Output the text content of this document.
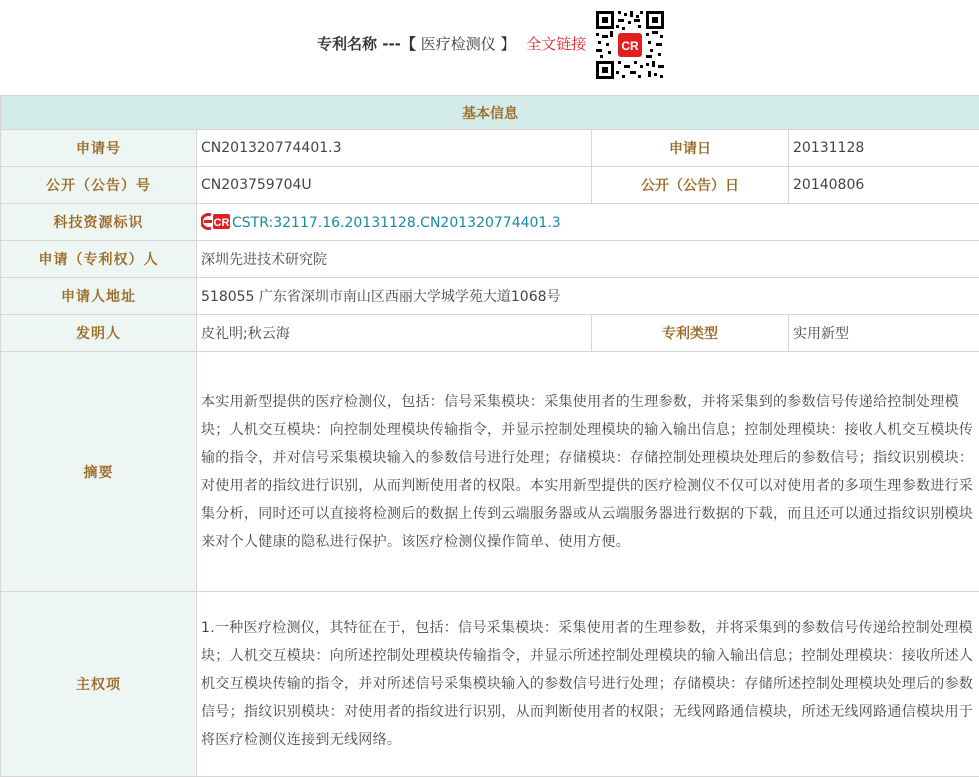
专利名称 ---【 医疗检测仪 】 全文链接	CR
基本信息			
申请号	CN201320774401.3	申请日	20131128
公开（公告）号	CN203759704U	公开（公告）日	20140806
科技资源标识	CR CSTR:32117.16.20131128.CN201320774401.3		
申请（专利权）人	深圳先进技术研究院		
申请人地址	518055 广东省深圳市南山区西丽大学城学苑大道1068号		
发明人	皮礼明;秋云海	专利类型	实用新型
摘要	本实用新型提供的医疗检测仪，包括：信号采集模块：采集使用者的生理参数，并将采集到的参数信号传递给控制处理模块；人机交互模块：向控制处理模块传输指令，并显示控制处理模块的输入输出信息；控制处理模块：接收人机交互模块传输的指令，并对信号采集模块输入的参数信号进行处理；存储模块：存储控制处理模块处理后的参数信号；指纹识别模块：对使用者的指纹进行识别，从而判断使用者的权限。本实用新型提供的医疗检测仪不仅可以对使用者的多项生理参数进行采集分析，同时还可以直接将检测后的数据上传到云端服务器或从云端服务器进行数据的下载，而且还可以通过指纹识别模块来对个人健康的隐私进行保护。该医疗检测仪操作简单、使用方便。		
主权项	1.一种医疗检测仪，其特征在于，包括：信号采集模块：采集使用者的生理参数，并将采集到的参数信号传递给控制处理模块；人机交互模块：向所述控制处理模块传输指令，并显示所述控制处理模块的输入输出信息；控制处理模块：接收所述人机交互模块传输的指令，并对所述信号采集模块输入的参数信号进行处理；存储模块：存储所述控制处理模块处理后的参数信号；指纹识别模块：对使用者的指纹进行识别，从而判断使用者的权限；无线网路通信模块，所述无线网路通信模块用于将医疗检测仪连接到无线网络。		
